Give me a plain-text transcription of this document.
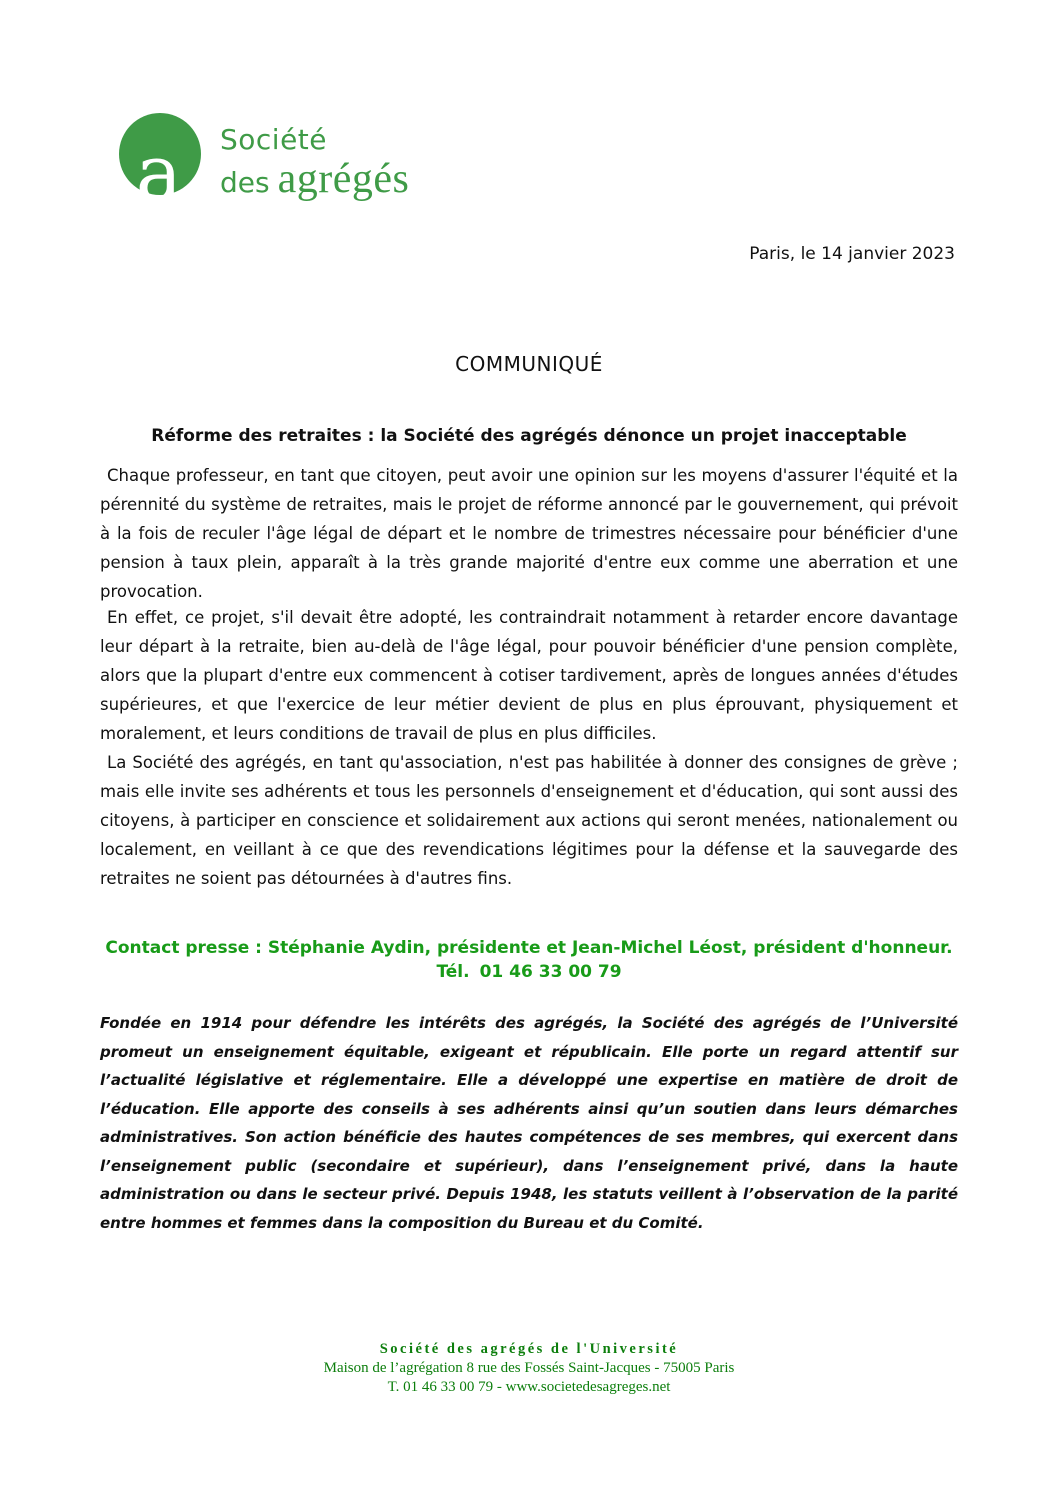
a Société
des agrégés
Paris, le 14 janvier 2023
COMMUNIQUÉ
Réforme des retraites : la Société des agrégés dénonce un projet inacceptable

Chaque professeur, en tant que citoyen, peut avoir une opinion sur les moyens d'assurer l'équité et la pérennité du système de retraites, mais le projet de réforme annoncé par le gouvernement, qui prévoit à la fois de reculer l'âge légal de départ et le nombre de trimestres nécessaire pour bénéficier d'une pension à taux plein, apparaît à la très grande majorité d'entre eux comme une aberration et une provocation.

En effet, ce projet, s'il devait être adopté, les contraindrait notamment à retarder encore davantage leur départ à la retraite, bien au-delà de l'âge légal, pour pouvoir bénéficier d'une pension complète, alors que la plupart d'entre eux commencent à cotiser tardivement, après de longues années d'études supérieures, et que l'exercice de leur métier devient de plus en plus éprouvant, physiquement et moralement, et leurs conditions de travail de plus en plus difficiles.

La Société des agrégés, en tant qu'association, n'est pas habilitée à donner des consignes de grève ; mais elle invite ses adhérents et tous les personnels d'enseignement et d'éducation, qui sont aussi des citoyens, à participer en conscience et solidairement aux actions qui seront menées, nationalement ou localement, en veillant à ce que des revendications légitimes pour la défense et la sauvegarde des retraites ne soient pas détournées à d'autres fins.

Contact presse : Stéphanie Aydin, présidente et Jean-Michel Léost, président d'honneur.
Tél. 01 46 33 00 79

Fondée en 1914 pour défendre les intérêts des agrégés, la Société des agrégés de l’Université promeut un enseignement équitable, exigeant et républicain. Elle porte un regard attentif sur l’actualité législative et réglementaire. Elle a développé une expertise en matière de droit de l’éducation. Elle apporte des conseils à ses adhérents ainsi qu’un soutien dans leurs démarches administratives. Son action bénéficie des hautes compétences de ses membres, qui exercent dans l’enseignement public (secondaire et supérieur), dans l’enseignement privé, dans la haute administration ou dans le secteur privé. Depuis 1948, les statuts veillent à l’observation de la parité entre hommes et femmes dans la composition du Bureau et du Comité.

Société des agrégés de l'Université
Maison de l’agrégation 8 rue des Fossés Saint-Jacques - 75005 Paris
T. 01 46 33 00 79 - www.societedesagreges.net
